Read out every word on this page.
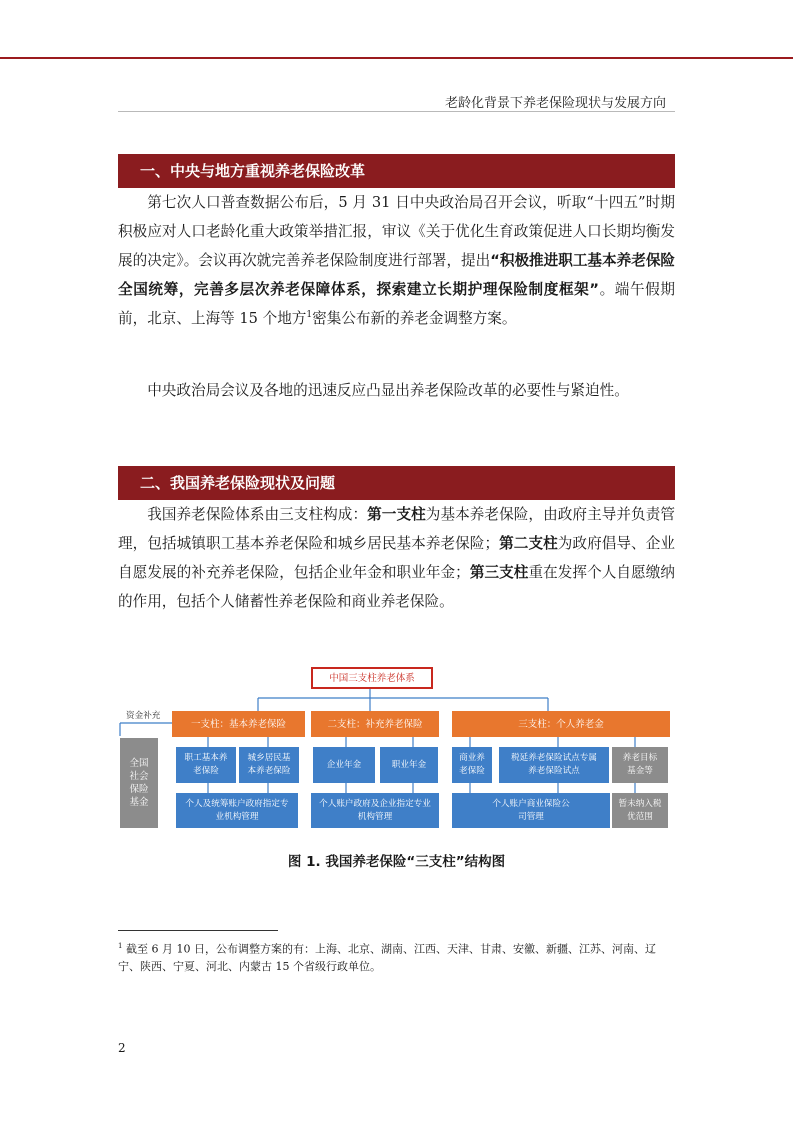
老龄化背景下养老保险现状与发展方向
一、中央与地方重视养老保险改革

第七次人口普查数据公布后，5 月 31 日中央政治局召开会议，听取“十四五”时期积极应对人口老龄化重大政策举措汇报，审议《关于优化生育政策促进人口长期均衡发展的决定》。会议再次就完善养老保险制度进行部署，提出“积极推进职工基本养老保险全国统筹，完善多层次养老保障体系，探索建立长期护理保险制度框架”。端午假期前，北京、上海等 15 个地方$^1$密集公布新的养老金调整方案。

中央政治局会议及各地的迅速反应凸显出养老保险改革的必要性与紧迫性。

二、我国养老保险现状及问题

我国养老保险体系由三支柱构成：第一支柱为基本养老保险，由政府主导并负责管理，包括城镇职工基本养老保险和城乡居民基本养老保险；第二支柱为政府倡导、企业自愿发展的补充养老保险，包括企业年金和职业年金；第三支柱重在发挥个人自愿缴纳的作用，包括个人储蓄性养老保险和商业养老保险。

中国三支柱养老体系
资金补充
全国社会保险基金
一支柱：基本养老保险	二支柱：补充养老保险	三支柱：个人养老金
职工基本养老保险
城乡居民基本养老保险
企业年金	职业年金
商业养老保险
税延养老保险试点专属养老保险试点
养老目标基金等
个人及统筹账户政府指定专业机构管理
个人账户政府及企业指定专业机构管理
个人账户商业保险公司管理
暂未纳入税优范围
图 1. 我国养老保险“三支柱”结构图

$^1$ 截至 6 月 10 日，公布调整方案的有：上海、北京、湖南、江西、天津、甘肃、安徽、新疆、江苏、河南、辽宁、陕西、宁夏、河北、内蒙古 15 个省级行政单位。

2
